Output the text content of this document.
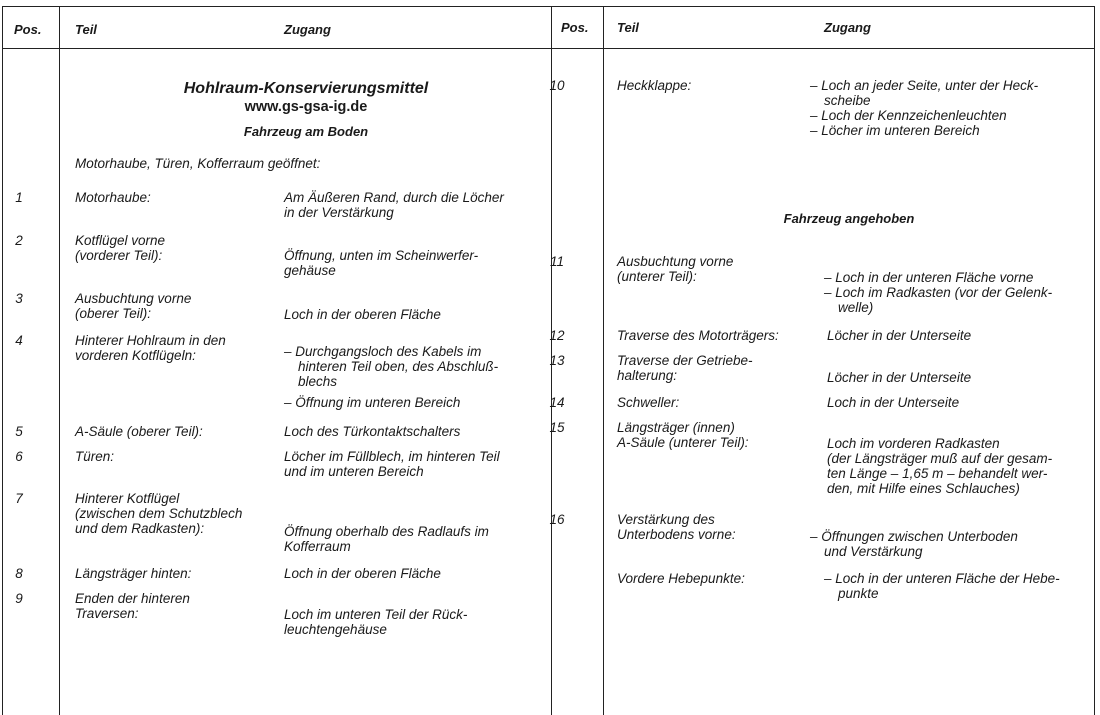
Pos.	Teil	Zugang	Pos. Teil	Zugang
Hohlraum-Konservierungsmittel
www.gs-gsa-ig.de
Fahrzeug am Boden
Motorhaube, Türen, Kofferraum geöffnet:
Fahrzeug angehoben
1	Motorhaube:	Am Äußeren Rand, durch die Löcher
in der Verstärkung
2	Kotflügel vorne
(vorderer Teil):	Öffnung, unten im Scheinwerfer-
gehäuse
3	Ausbuchtung vorne
(oberer Teil):	Loch in der oberen Fläche
4	Hinterer Hohlraum in den
vorderen Kotflügeln:	– Durchgangsloch des Kabels im
hinteren Teil oben, des Abschluß-
blechs
– Öffnung im unteren Bereich
5	A-Säule (oberer Teil):	Loch des Türkontaktschalters
6	Türen:	Löcher im Füllblech, im hinteren Teil
und im unteren Bereich
7	Hinterer Kotflügel
(zwischen dem Schutzblech
und dem Radkasten):	Öffnung oberhalb des Radlaufs im
Kofferraum
8	Längsträger hinten:	Loch in der oberen Fläche
9	Enden der hinteren
Traversen:	Loch im unteren Teil der Rück-
leuchtengehäuse
10	Heckklappe:	– Loch an jeder Seite, unter der Heck-
scheibe
– Loch der Kennzeichenleuchten
– Löcher im unteren Bereich
11	Ausbuchtung vorne
(unterer Teil):	– Loch in der unteren Fläche vorne
– Loch im Radkasten (vor der Gelenk-
welle)
12	Traverse des Motorträgers:	Löcher in der Unterseite
13	Traverse der Getriebe-
halterung:	Löcher in der Unterseite
14	Schweller:	Loch in der Unterseite
15	Längsträger (innen)
A-Säule (unterer Teil):	Loch im vorderen Radkasten
(der Längsträger muß auf der gesam-
ten Länge – 1,65 m – behandelt wer-
den, mit Hilfe eines Schlauches)
16	Verstärkung des
Unterbodens vorne:	– Öffnungen zwischen Unterboden
und Verstärkung
Vordere Hebepunkte:	– Loch in der unteren Fläche der Hebe-
punkte
